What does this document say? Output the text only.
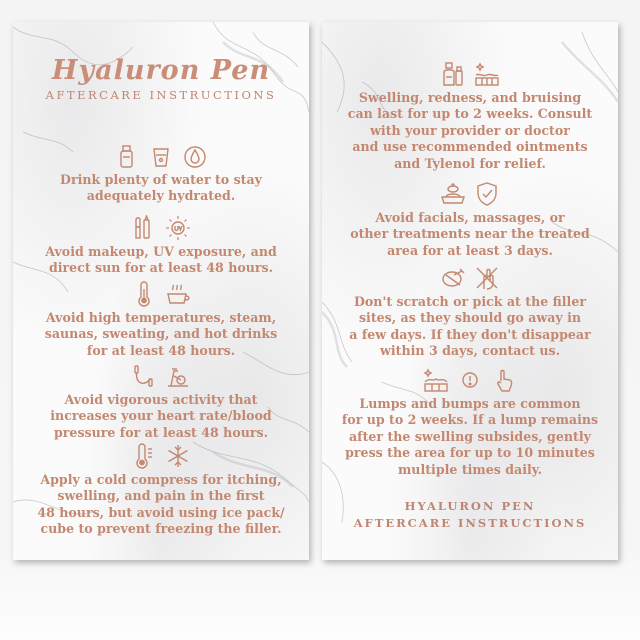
Hyaluron Pen
AFTERCARE INSTRUCTIONS
Drink plenty of water to stay
adequately hydrated.
Avoid makeup, UV exposure, and
direct sun for at least 48 hours.
Avoid high temperatures, steam,
saunas, sweating, and hot drinks
for at least 48 hours.
Avoid vigorous activity that
increases your heart rate/blood
pressure for at least 48 hours.
Apply a cold compress for itching,
swelling, and pain in the first
48 hours, but avoid using ice pack/
cube to prevent freezing the filler.
Swelling, redness, and bruising
can last for up to 2 weeks. Consult
with your provider or doctor
and use recommended ointments
and Tylenol for relief.
Avoid facials, massages, or
other treatments near the treated
area for at least 3 days.
Don't scratch or pick at the filler
sites, as they should go away in
a few days. If they don't disappear
within 3 days, contact us.
Lumps and bumps are common
for up to 2 weeks. If a lump remains
after the swelling subsides, gently
press the area for up to 10 minutes
multiple times daily.
HYALURON PEN
AFTERCARE INSTRUCTIONS
